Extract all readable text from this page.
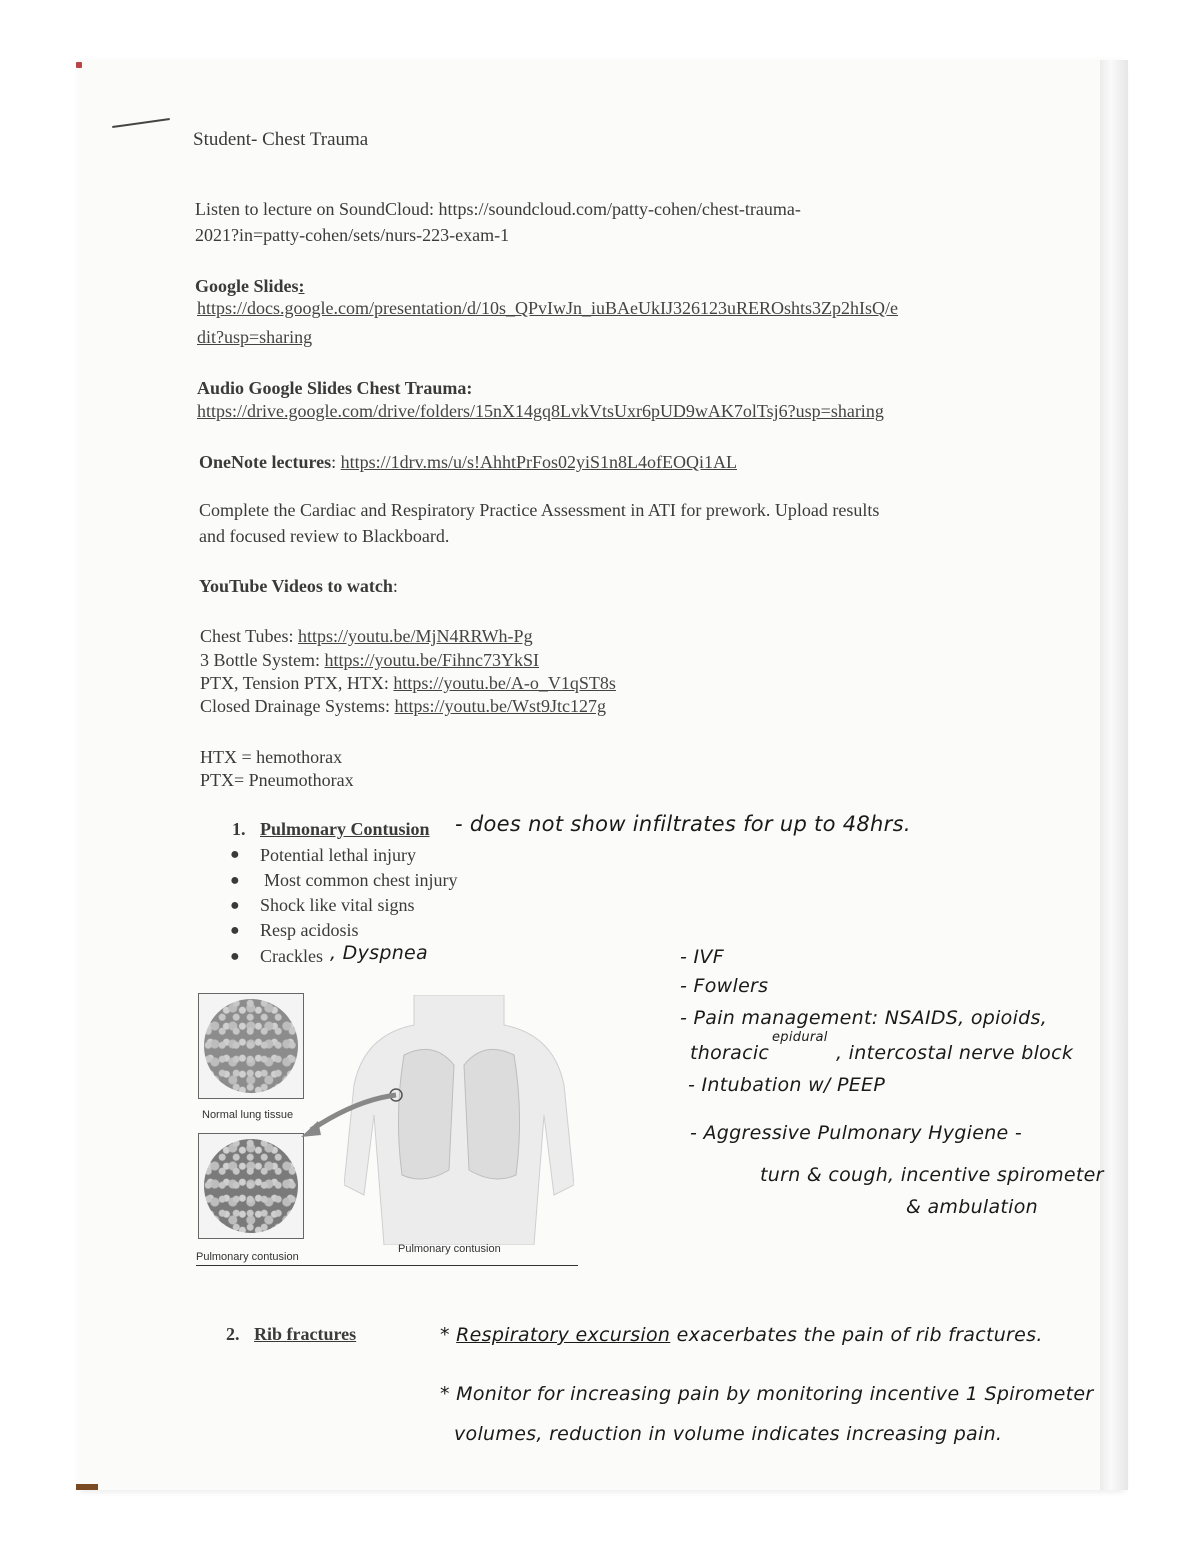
Student- Chest Trauma
Listen to lecture on SoundCloud: https://soundcloud.com/patty-cohen/chest-trauma-
2021?in=patty-cohen/sets/nurs-223-exam-1
Google Slides:
https://docs.google.com/presentation/d/10s_QPvIwJn_iuBAeUkIJ326123uREROshts3Zp2hIsQ/e
dit?usp=sharing
Audio Google Slides Chest Trauma:
https://drive.google.com/drive/folders/15nX14gq8LvkVtsUxr6pUD9wAK7olTsj6?usp=sharing
OneNote lectures: https://1drv.ms/u/s!AhhtPrFos02yiS1n8L4ofEOQi1AL
Complete the Cardiac and Respiratory Practice Assessment in ATI for prework. Upload results
and focused review to Blackboard.
YouTube Videos to watch:
Chest Tubes: https://youtu.be/MjN4RRWh-Pg
3 Bottle System: https://youtu.be/Fihnc73YkSI
PTX, Tension PTX, HTX: https://youtu.be/A-o_V1qST8s
Closed Drainage Systems: https://youtu.be/Wst9Jtc127g
HTX = hemothorax
PTX= Pneumothorax
1. Pulmonary Contusion - does not show infiltrates for up to 48hrs.
● Potential lethal injury
● Most common chest injury
● Shock like vital signs
● Resp acidosis
● Crackles , Dyspnea
Normal lung tissue
Pulmonary contusion
Pulmonary contusion
- IVF
- Fowlers
- Pain management: NSAIDS, opioids,
epidural
thoracic	, intercostal nerve block
- Intubation w/ PEEP
- Aggressive Pulmonary Hygiene -
turn & cough, incentive spirometer
& ambulation
2. Rib fractures	* Respiratory excursion exacerbates the pain of rib fractures.
* Monitor for increasing pain by monitoring incentive 1 Spirometer
volumes, reduction in volume indicates increasing pain.
